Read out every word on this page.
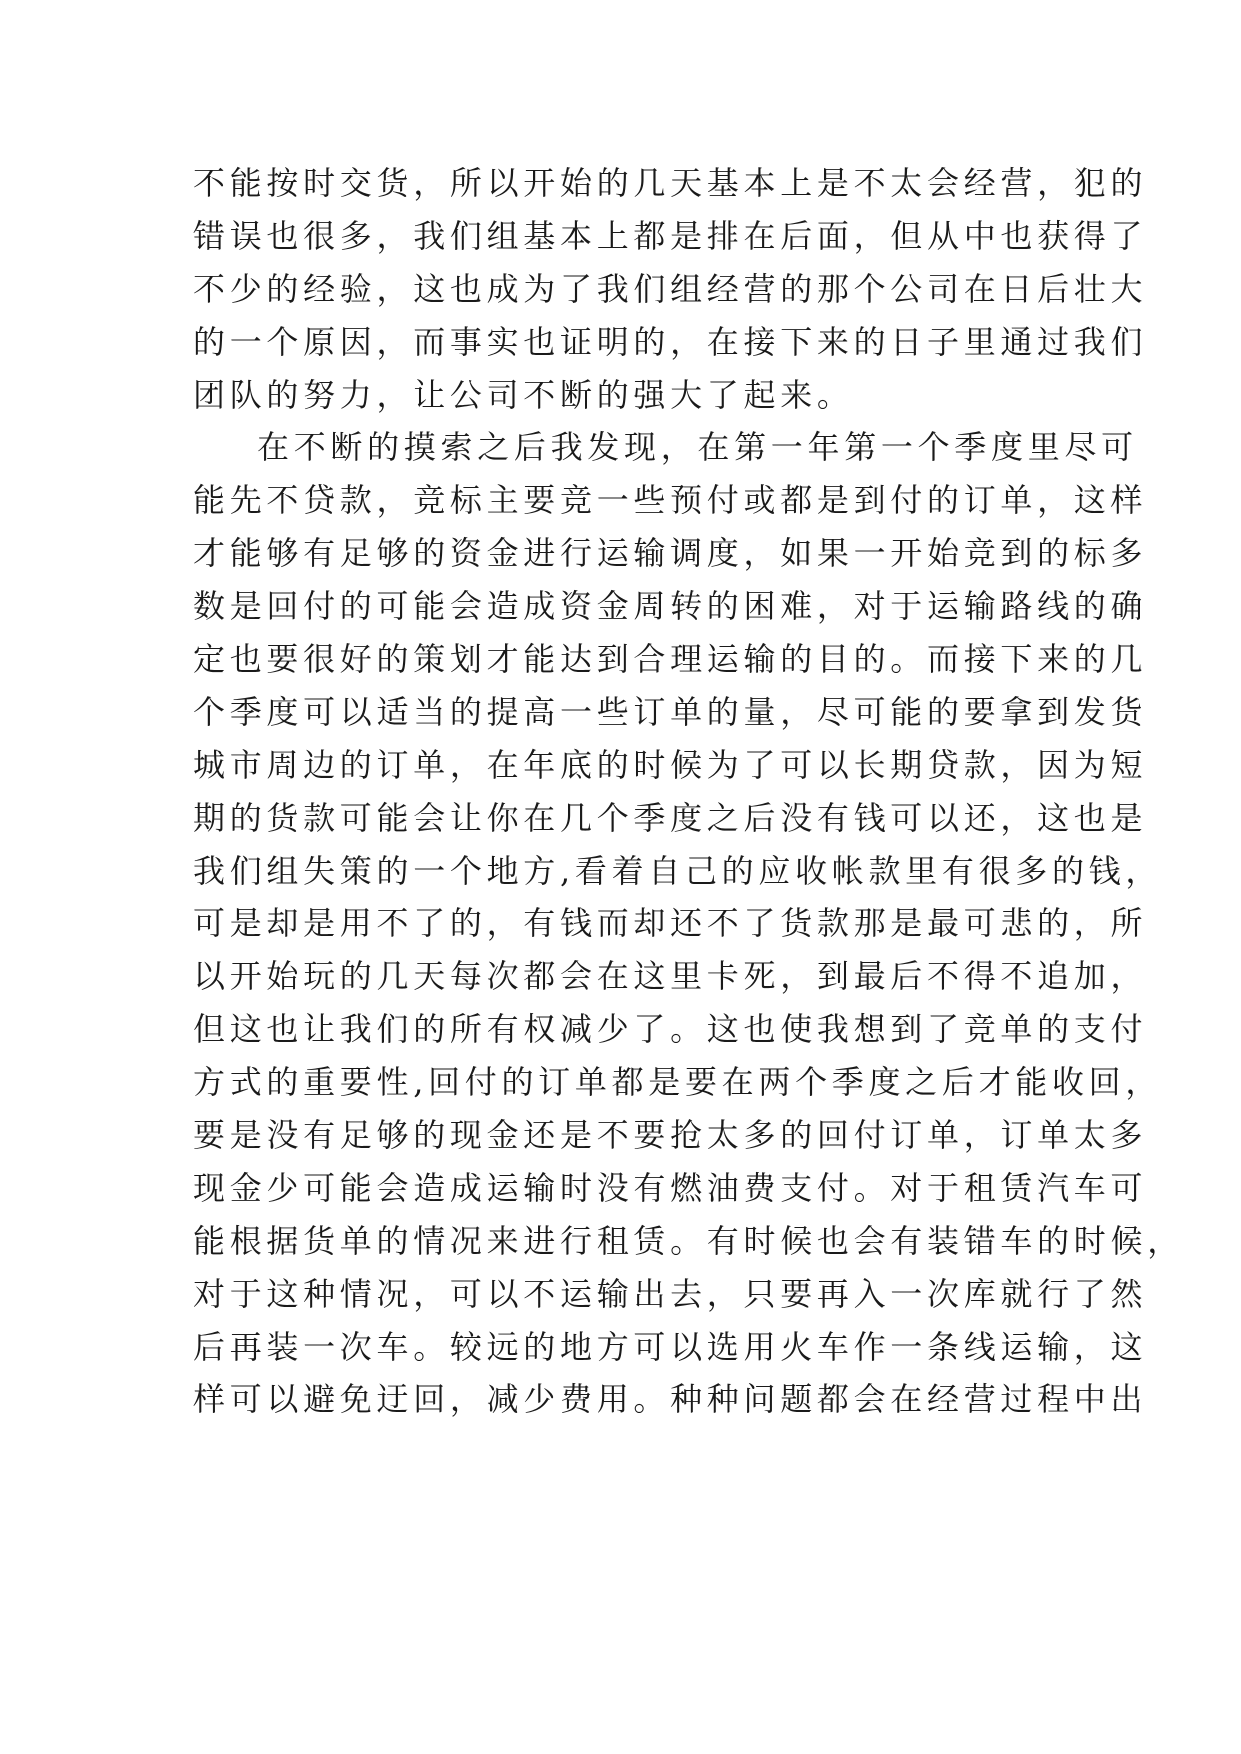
不能按时交货，所以开始的几天基本上是不太会经营，犯的
错误也很多，我们组基本上都是排在后面，但从中也获得了
不少的经验，这也成为了我们组经营的那个公司在日后壮大
的一个原因，而事实也证明的，在接下来的日子里通过我们
团队的努力，让公司不断的强大了起来。
在不断的摸索之后我发现，在第一年第一个季度里尽可
能先不贷款，竞标主要竞一些预付或都是到付的订单，这样
才能够有足够的资金进行运输调度，如果一开始竞到的标多
数是回付的可能会造成资金周转的困难，对于运输路线的确
定也要很好的策划才能达到合理运输的目的。而接下来的几
个季度可以适当的提高一些订单的量，尽可能的要拿到发货
城市周边的订单，在年底的时候为了可以长期贷款，因为短
期的货款可能会让你在几个季度之后没有钱可以还，这也是
我们组失策的一个地方,看着自己的应收帐款里有很多的钱，
可是却是用不了的，有钱而却还不了货款那是最可悲的，所
以开始玩的几天每次都会在这里卡死，到最后不得不追加，
但这也让我们的所有权减少了。这也使我想到了竞单的支付
方式的重要性,回付的订单都是要在两个季度之后才能收回，
要是没有足够的现金还是不要抢太多的回付订单，订单太多
现金少可能会造成运输时没有燃油费支付。对于租赁汽车可
能根据货单的情况来进行租赁。有时候也会有装错车的时候，
对于这种情况，可以不运输出去，只要再入一次库就行了然
后再装一次车。较远的地方可以选用火车作一条线运输，这
样可以避免迂回，减少费用。种种问题都会在经营过程中出
